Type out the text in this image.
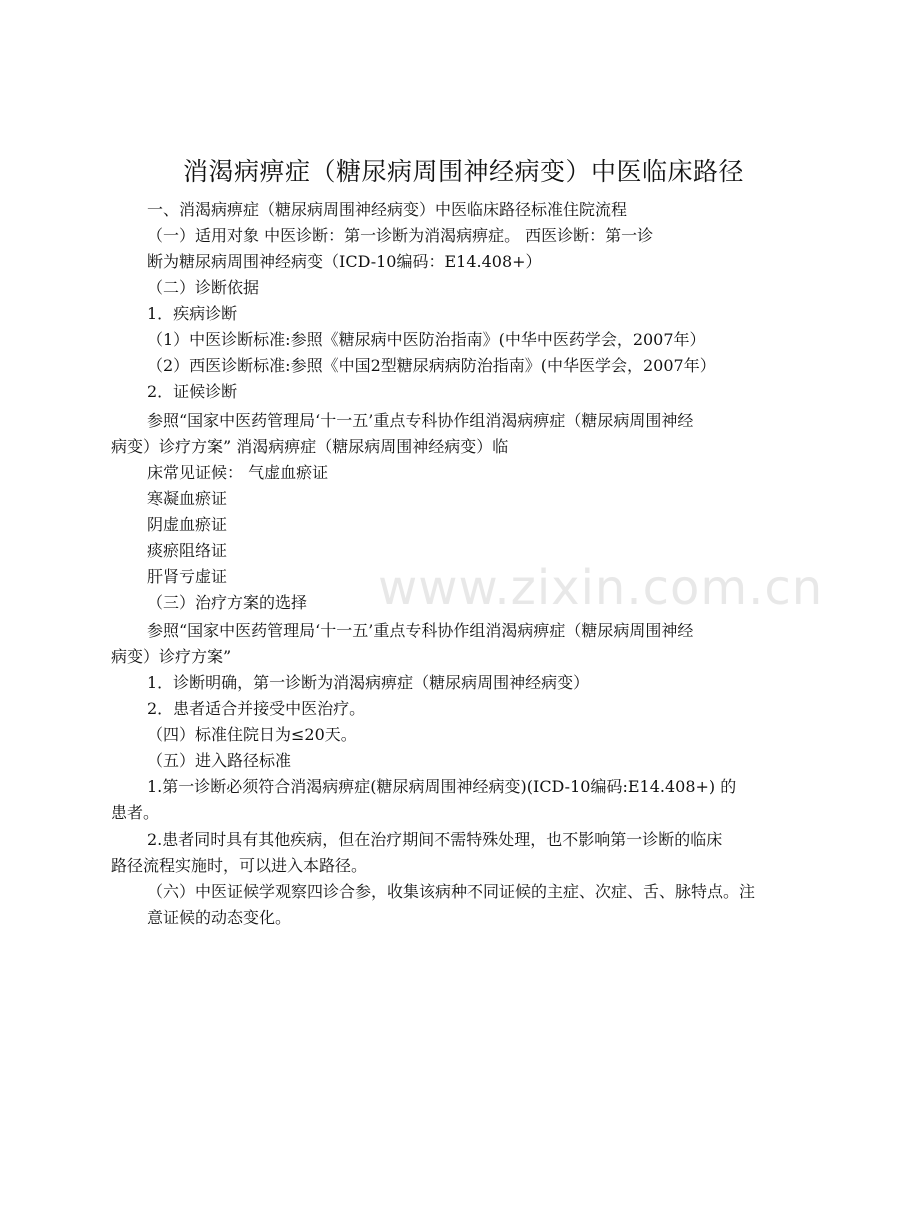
消渴病痹症（糖尿病周围神经病变）中医临床路径
一、消渴病痹症（糖尿病周围神经病变）中医临床路径标准住院流程
（一）适用对象 中医诊断：第一诊断为消渴病痹症。 西医诊断：第一诊
断为糖尿病周围神经病变（ICD-10编码：E14.408+）
（二）诊断依据
1．疾病诊断
（1）中医诊断标准:参照《糖尿病中医防治指南》(中华中医药学会，2007年）
（2）西医诊断标准:参照《中国2型糖尿病病防治指南》(中华医学会，2007年）
2．证候诊断
参照“国家中医药管理局‘十一五’重点专科协作组消渴病痹症（糖尿病周围神经
病变）诊疗方案” 消渴病痹症（糖尿病周围神经病变）临
床常见证候： 气虚血瘀证
寒凝血瘀证
阴虚血瘀证
痰瘀阻络证
肝肾亏虚证
（三）治疗方案的选择
参照“国家中医药管理局‘十一五’重点专科协作组消渴病痹症（糖尿病周围神经
病变）诊疗方案”
1．诊断明确，第一诊断为消渴病痹症（糖尿病周围神经病变）
2．患者适合并接受中医治疗。
（四）标准住院日为≤20天。
（五）进入路径标准
1.第一诊断必须符合消渴病痹症(糖尿病周围神经病变)(ICD-10编码:E14.408+) 的
患者。
2.患者同时具有其他疾病，但在治疗期间不需特殊处理，也不影响第一诊断的临床
路径流程实施时，可以进入本路径。
（六）中医证候学观察四诊合参，收集该病种不同证候的主症、次症、舌、脉特点。注
意证候的动态变化。
www.zixin.com.cn
